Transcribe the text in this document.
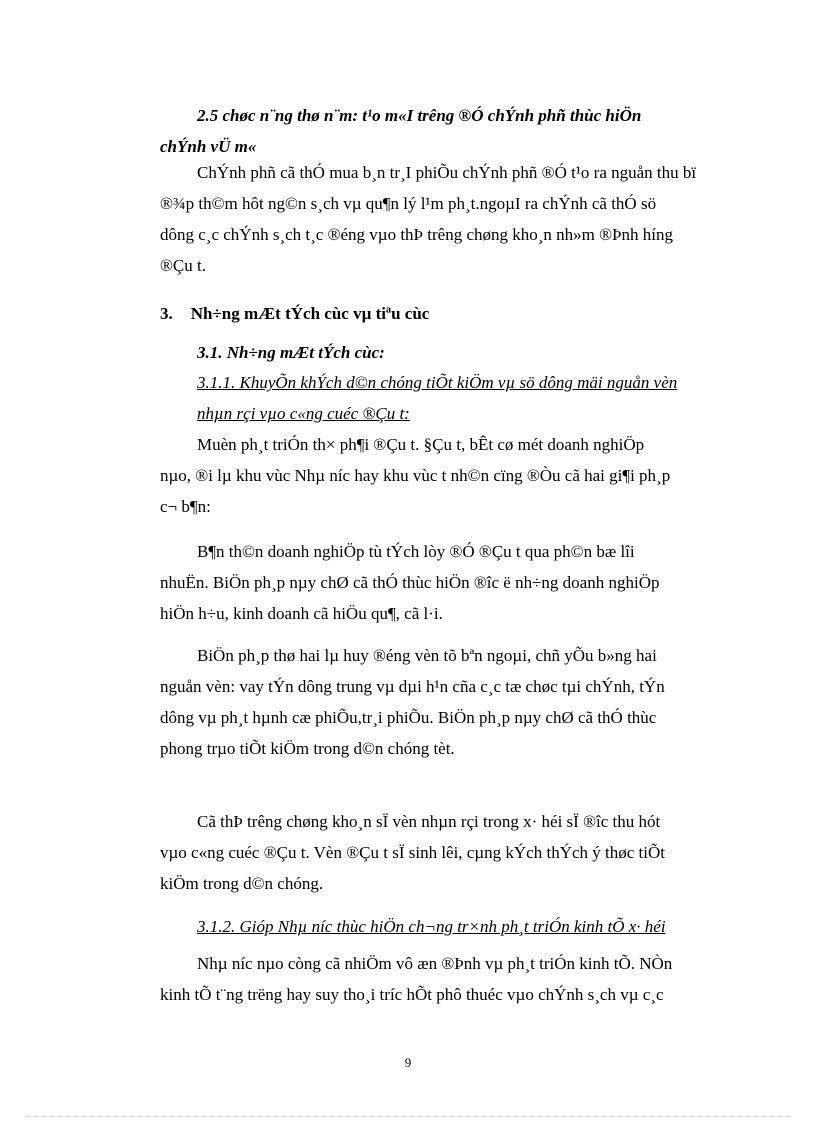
2.5 chøc n¨ng thø n¨m: t¹o m«I trêng ®Ó chÝnh phñ thùc hiÖn
chÝnh vÜ m«
ChÝnh phñ cã thÓ mua b¸n tr¸I phiÕu chÝnh phñ ®Ó t¹o ra nguån thu bï
®¾p th©m hôt ng©n s¸ch vµ qu¶n lý l¹m ph¸t.ngoµI ra chÝnh cã thÓ sö
dông c¸c chÝnh s¸ch t¸c ®éng vµo thÞ trêng chøng kho¸n nh»m ®Þnh híng
®Çu t.
3. Nh÷ng mÆt tÝch cùc vµ tiªu cùc
3.1. Nh÷ng mÆt tÝch cùc:
3.1.1. KhuyÕn khÝch d©n chóng tiÕt kiÖm vµ sö dông mäi nguån vèn
nhµn rçi vµo c«ng cuéc ®Çu t:
Muèn ph¸t triÓn th× ph¶i ®Çu t. §Çu t, bÊt cø mét doanh nghiÖp
nµo, ®i lµ khu vùc Nhµ níc hay khu vùc t nh©n cïng ®Òu cã hai gi¶i ph¸p
c¬ b¶n:
B¶n th©n doanh nghiÖp tù tÝch lòy ®Ó ®Çu t qua ph©n bæ lîi
nhuËn. BiÖn ph¸p nµy chØ cã thÓ thùc hiÖn ®îc ë nh÷ng doanh nghiÖp
hiÖn h÷u, kinh doanh cã hiÖu qu¶, cã l·i.
BiÖn ph¸p thø hai lµ huy ®éng vèn tõ bªn ngoµi, chñ yÕu b»ng hai
nguån vèn: vay tÝn dông trung vµ dµi h¹n cña c¸c tæ chøc tµi chÝnh, tÝn
dông vµ ph¸t hµnh cæ phiÕu,tr¸i phiÕu. BiÖn ph¸p nµy chØ cã thÓ thùc
phong trµo tiÕt kiÖm trong d©n chóng tèt.
Cã thÞ trêng chøng kho¸n sÏ vèn nhµn rçi trong x· héi sÏ ®îc thu hót
vµo c«ng cuéc ®Çu t. Vèn ®Çu t sÏ sinh lêi, cµng kÝch thÝch ý thøc tiÕt
kiÖm trong d©n chóng.
3.1.2. Gióp Nhµ níc thùc hiÖn ch¬ng tr×nh ph¸t triÓn kinh tÕ x· héi
Nhµ níc nµo còng cã nhiÖm vô æn ®Þnh vµ ph¸t triÓn kinh tÕ. NÒn
kinh tÕ t¨ng trëng hay suy tho¸i tríc hÕt phô thuéc vµo chÝnh s¸ch vµ c¸c
9
